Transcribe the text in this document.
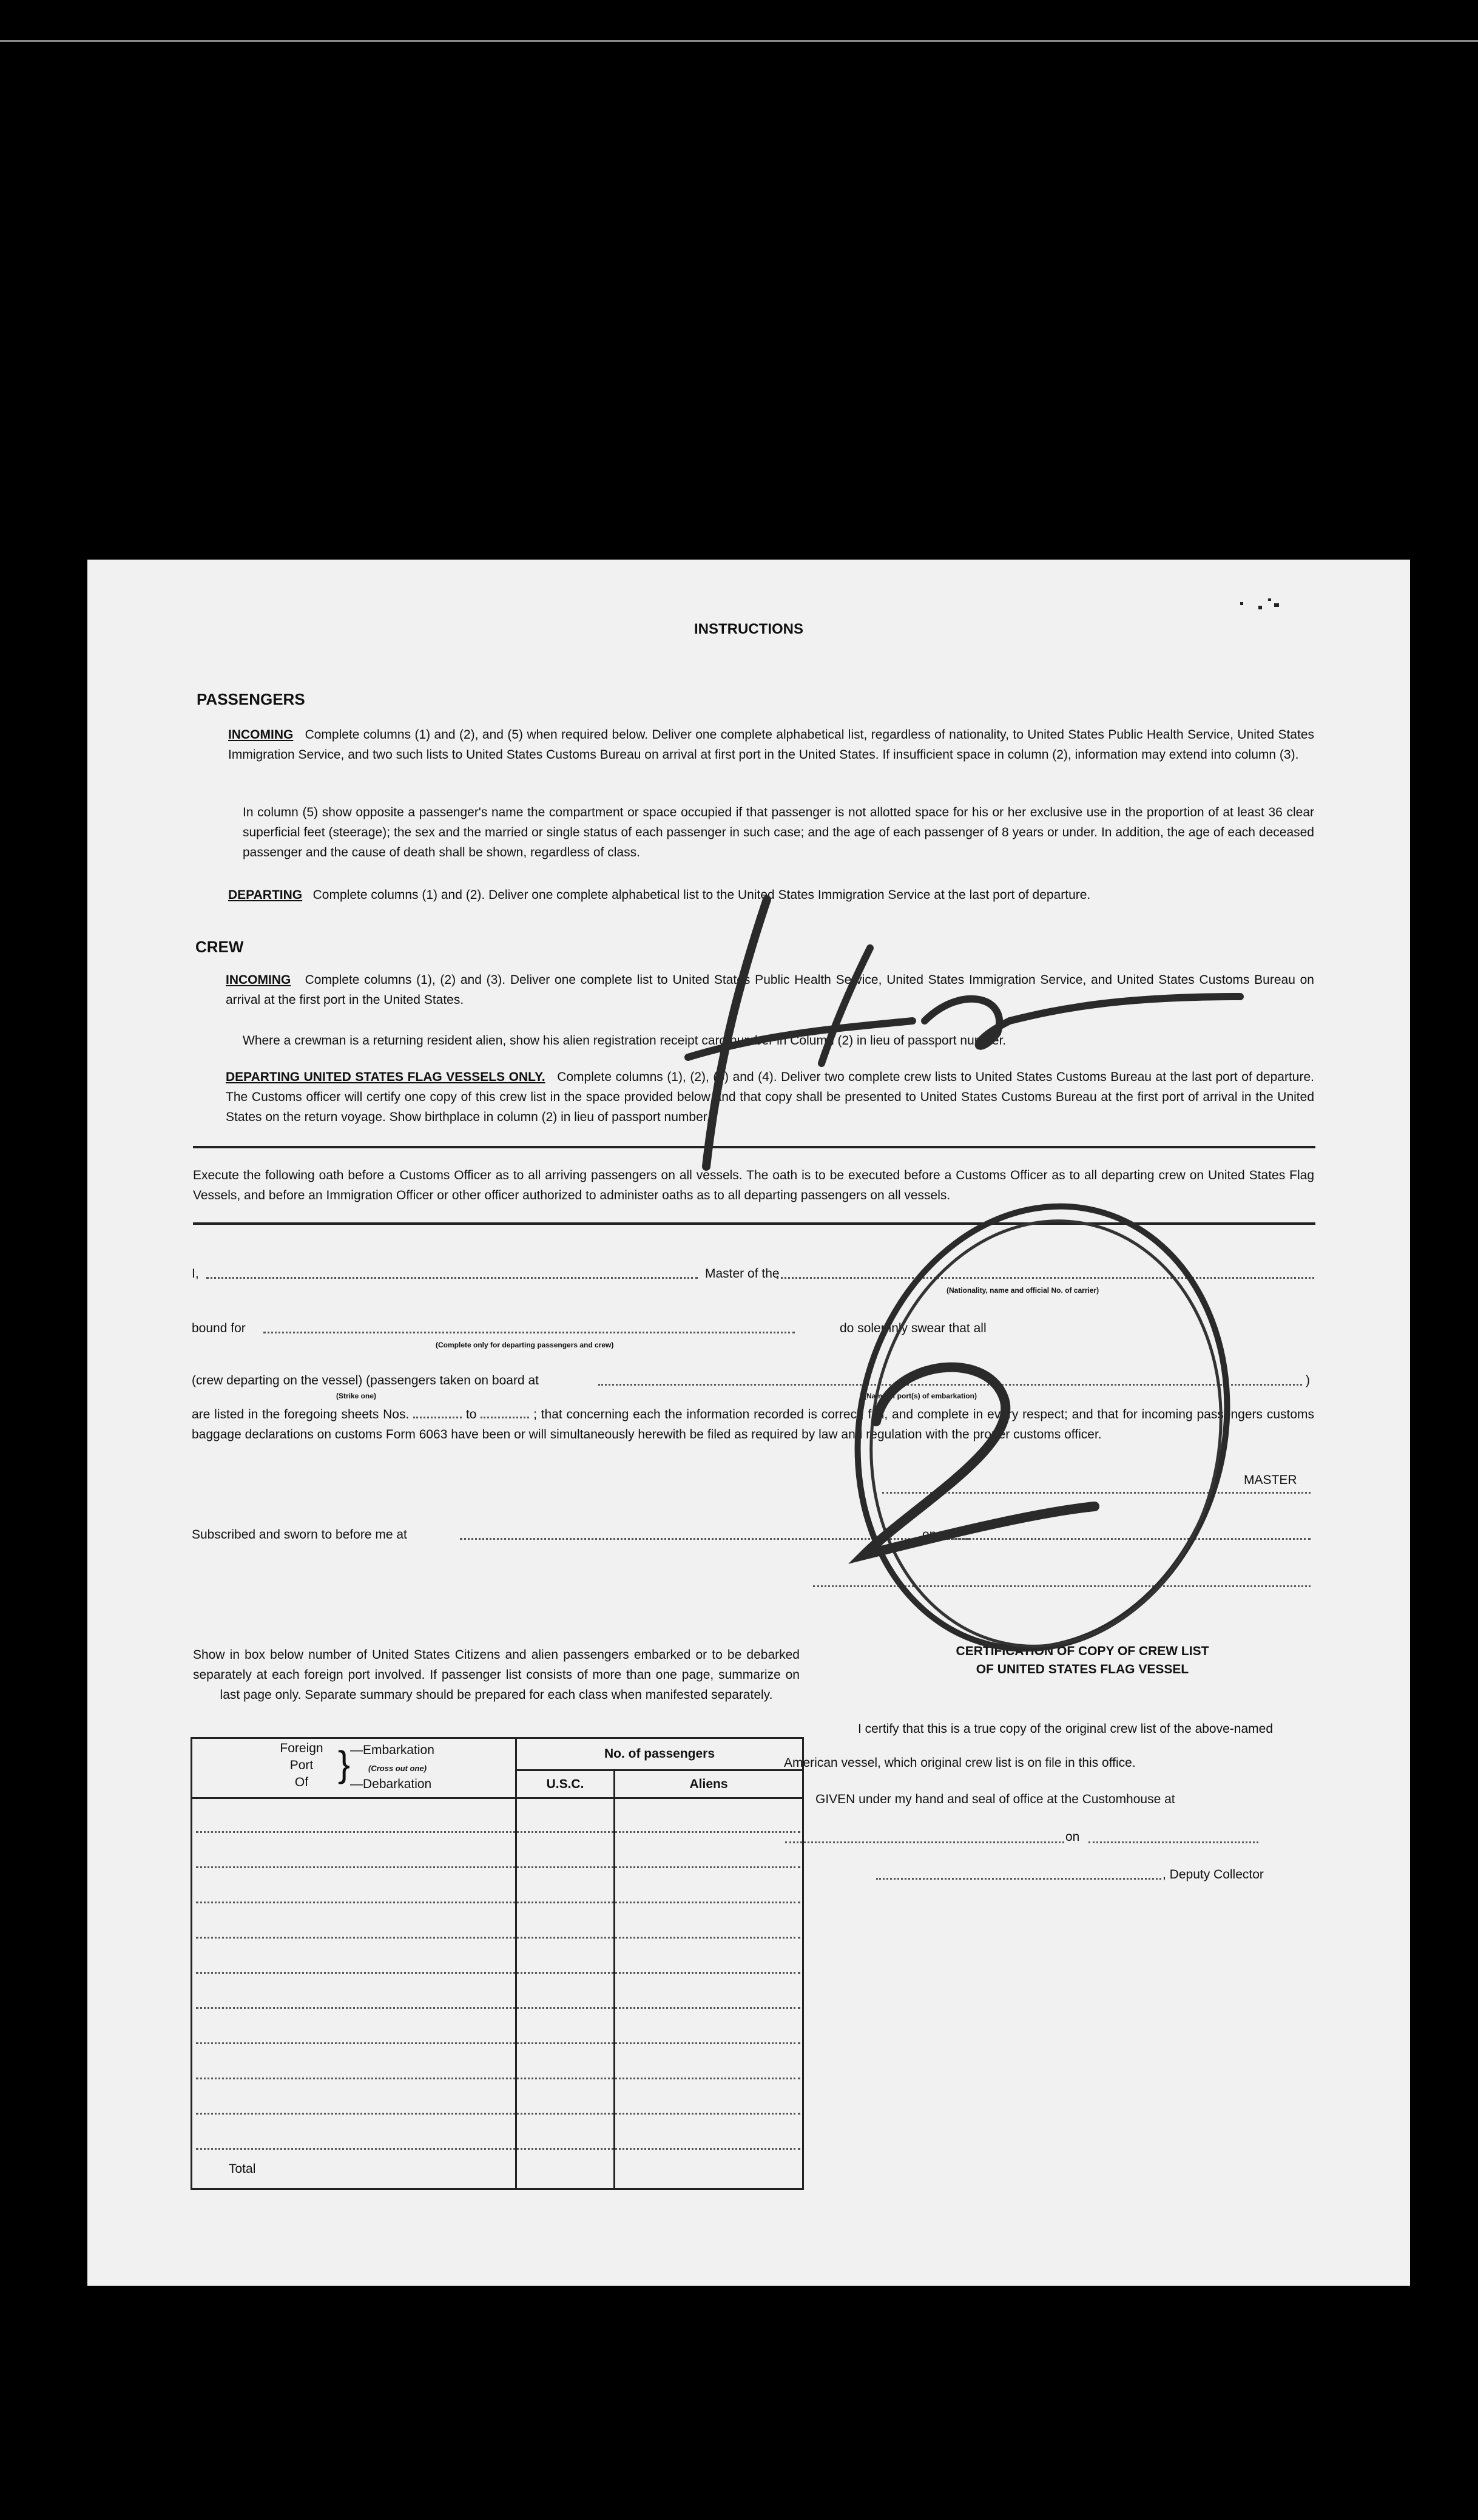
INSTRUCTIONS
PASSENGERS
INCOMING Complete columns (1) and (2), and (5) when required below. Deliver one complete alphabetical list, regardless of nationality, to United States Public Health Service, United States Immigration Service, and two such lists to United States Customs Bureau on arrival at first port in the United States. If insufficient space in column (2), information may extend into column (3).
In column (5) show opposite a passenger's name the compartment or space occupied if that passenger is not allotted space for his or her exclusive use in the proportion of at least 36 clear superficial feet (steerage); the sex and the married or single status of each passenger in such case; and the age of each passenger of 8 years or under. In addition, the age of each deceased passenger and the cause of death shall be shown, regardless of class.
DEPARTING Complete columns (1) and (2). Deliver one complete alphabetical list to the United States Immigration Service at the last port of departure.
CREW
INCOMING Complete columns (1), (2) and (3). Deliver one complete list to United States Public Health Service, United States Immigration Service, and United States Customs Bureau on arrival at the first port in the United States.
Where a crewman is a returning resident alien, show his alien registration receipt card number in Column (2) in lieu of passport number.
DEPARTING UNITED STATES FLAG VESSELS ONLY. Complete columns (1), (2), (3) and (4). Deliver two complete crew lists to United States Customs Bureau at the last port of departure. The Customs officer will certify one copy of this crew list in the space provided below and that copy shall be presented to United States Customs Bureau at the first port of arrival in the United States on the return voyage. Show birthplace in column (2) in lieu of passport number.
Execute the following oath before a Customs Officer as to all arriving passengers on all vessels. The oath is to be executed before a Customs Officer as to all departing crew on United States Flag Vessels, and before an Immigration Officer or other officer authorized to administer oaths as to all departing passengers on all vessels.
I,	Master of the
(Nationality, name and official No. of carrier)
bound for
(Complete only for departing passengers and crew)
do solemnly swear that all
(crew departing on the vessel) (passengers taken on board at	)
(Strike one)	(Name of port(s) of embarkation)
are listed in the foregoing sheets Nos.	to	; that concerning each the information recorded is correct, full, and complete in every respect; and that for incoming passengers customs baggage declarations on customs Form 6063 have been or will simultaneously herewith be filed as required by law and regulation with the proper customs officer.
MASTER
Subscribed and sworn to before me at	on
Show in box below number of United States Citizens and alien passengers embarked or to be debarked separately at each foreign port involved. If passenger list consists of more than one page, summarize on last page only. Separate summary should be prepared for each class when manifested separately.
Foreign
Port
Of } —Embarkation
(Cross out one)
—Debarkation
No. of passengers
U.S.C.	Aliens
Total
CERTIFICATION OF COPY OF CREW LIST
OF UNITED STATES FLAG VESSEL
I certify that this is a true copy of the original crew list of the above-named
American vessel, which original crew list is on file in this office.
GIVEN under my hand and seal of office at the Customhouse at
on
, Deputy Collector
